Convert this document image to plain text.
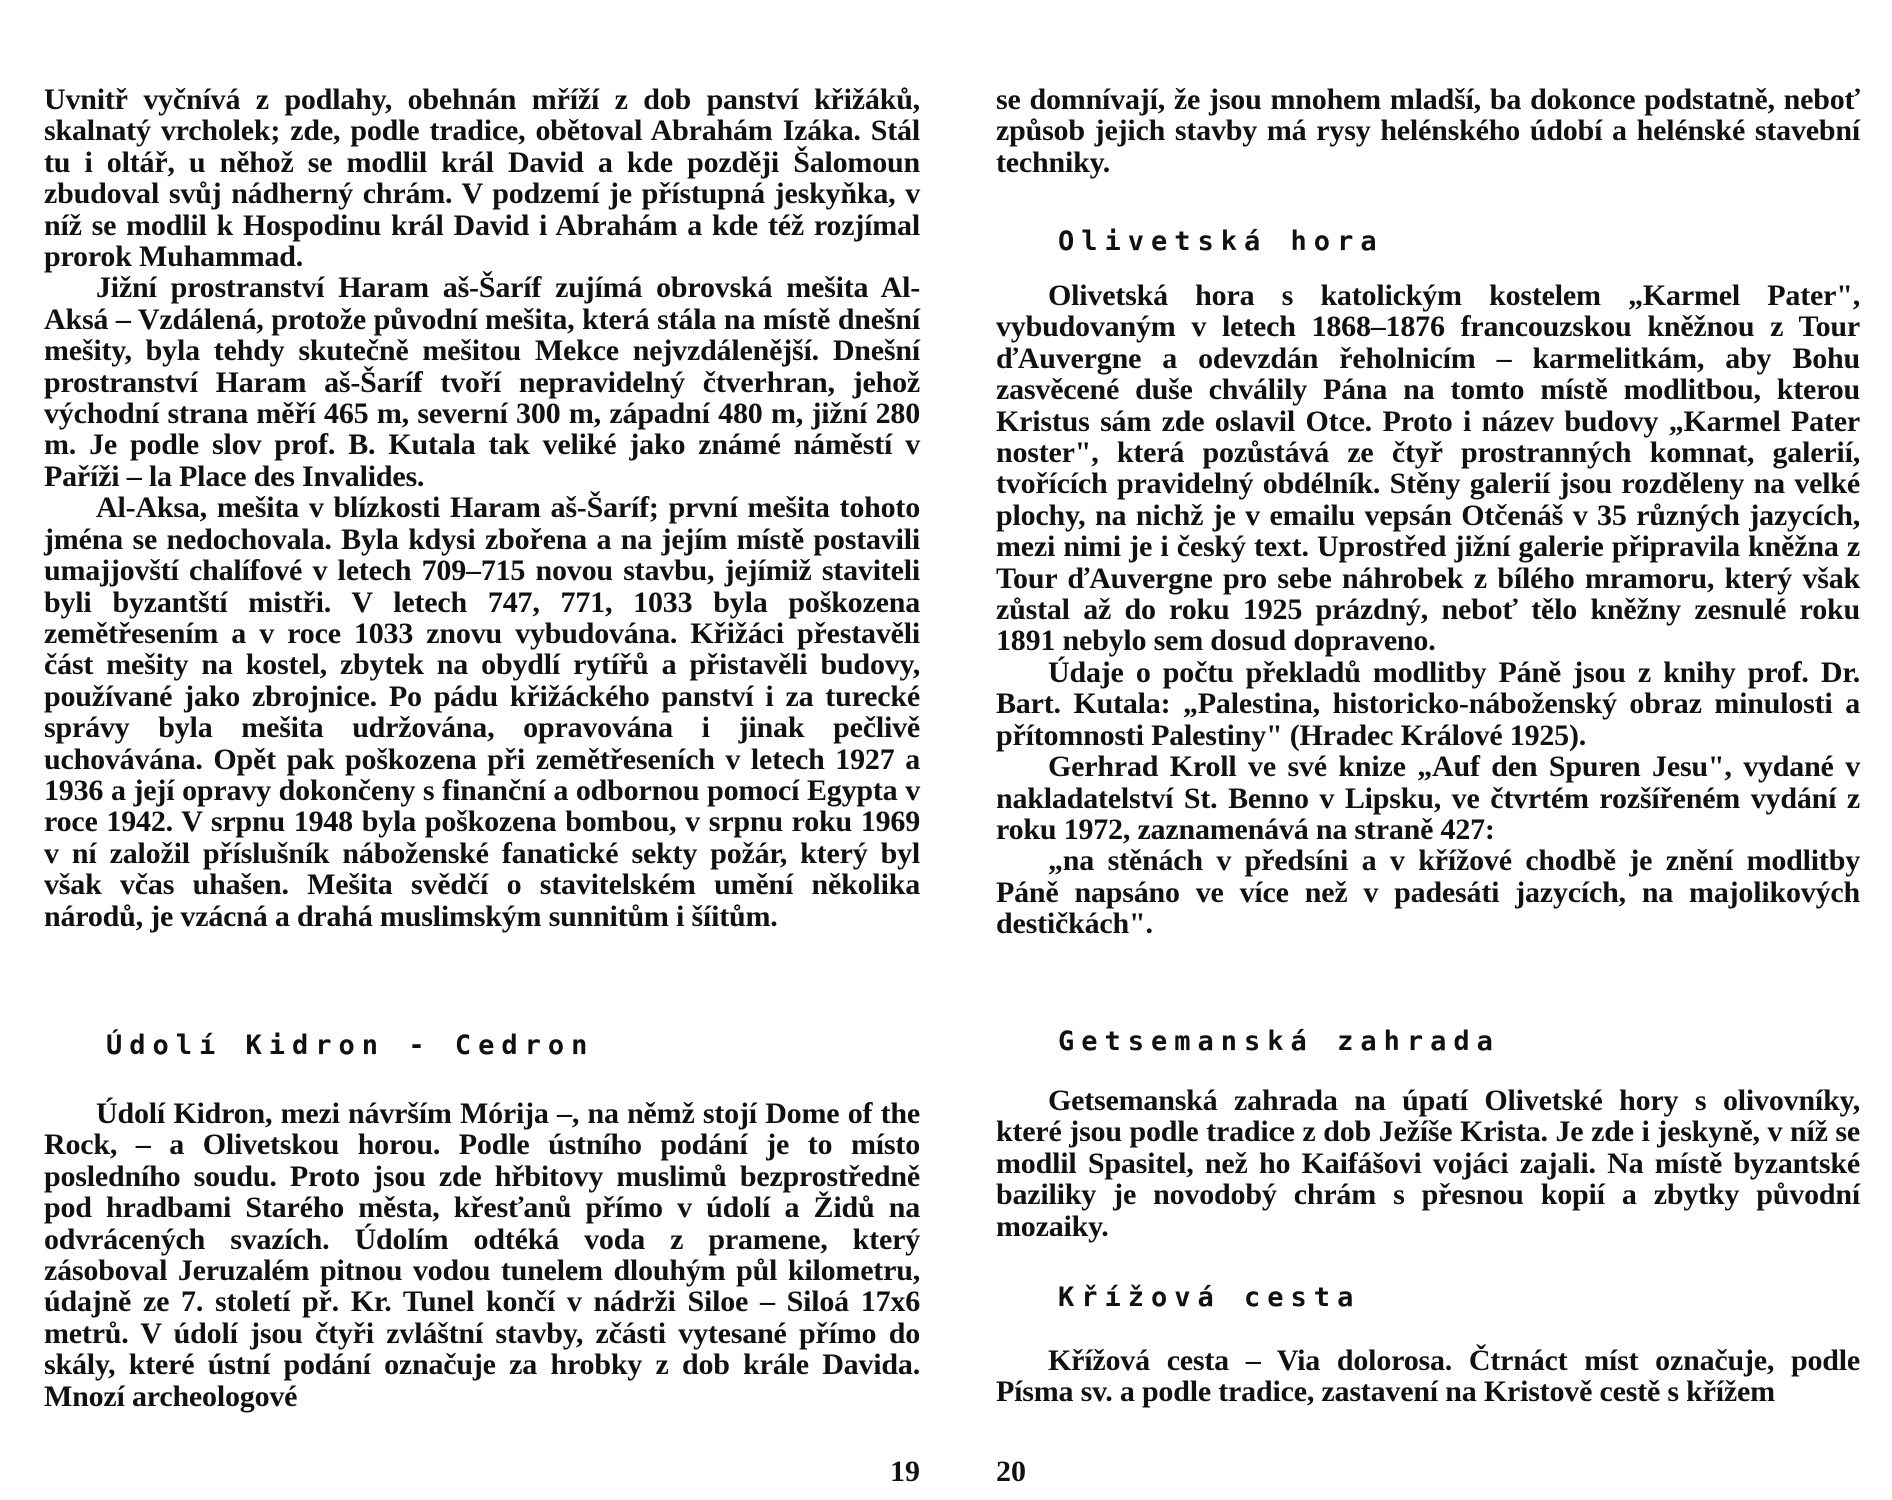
Uvnitř vyčnívá z podlahy, obehnán mříží z dob panství křižáků, skalnatý vrcholek; zde, podle tradice, obětoval Abrahám Izáka. Stál tu i oltář, u něhož se modlil král David a kde později Šalomoun zbudoval svůj nádherný chrám. V podzemí je přístupná jeskyňka, v níž se modlil k Hospodinu král David i Abrahám a kde též rozjímal prorok Muhammad.

Jižní prostranství Haram aš-Šaríf zujímá obrovská mešita Al-Aksá – Vzdálená, protože původní mešita, která stála na místě dnešní mešity, byla tehdy skutečně mešitou Mekce nejvzdálenější. Dnešní prostranství Haram aš-Šaríf tvoří nepravidelný čtverhran, jehož východní strana měří 465 m, severní 300 m, západní 480 m, jižní 280 m. Je podle slov prof. B. Kutala tak veliké jako známé náměstí v Paříži – la Place des Invalides.

Al-Aksa, mešita v blízkosti Haram aš-Šaríf; první mešita tohoto jména se nedochovala. Byla kdysi zbořena a na jejím místě postavili umajjovští chalífové v letech 709–715 novou stavbu, jejímiž staviteli byli byzantští mistři. V letech 747, 771, 1033 byla poškozena zemětřesením a v roce 1033 znovu vybudována. Křižáci přestavěli část mešity na kostel, zbytek na obydlí rytířů a přistavěli budovy, používané jako zbrojnice. Po pádu křižáckého panství i za turecké správy byla mešita udržována, opravována i jinak pečlivě uchovávána. Opět pak poškozena při zemětřeseních v letech 1927 a 1936 a její opravy dokončeny s finanční a odbornou pomocí Egypta v roce 1942. V srpnu 1948 byla poškozena bombou, v srpnu roku 1969 v ní založil příslušník náboženské fanatické sekty požár, který byl však včas uhašen. Mešita svědčí o stavitelském umění několika národů, je vzácná a drahá muslimským sunnitům i šíitům.

Údolí Kidron - Cedron

Údolí Kidron, mezi návrším Mórija –, na němž stojí Dome of the Rock, – a Olivetskou horou. Podle ústního podání je to místo posledního soudu. Proto jsou zde hřbitovy muslimů bezprostředně pod hradbami Starého města, křesťanů přímo v údolí a Židů na odvrácených svazích. Údolím odtéká voda z pramene, který zásoboval Jeruzalém pitnou vodou tunelem dlouhým půl kilometru, údajně ze 7. století př. Kr. Tunel končí v nádrži Siloe – Siloá 17x6 metrů. V údolí jsou čtyři zvláštní stavby, zčásti vytesané přímo do skály, které ústní podání označuje za hrobky z dob krále Davida. Mnozí archeologové

19

se domnívají, že jsou mnohem mladší, ba dokonce podstatně, neboť způsob jejich stavby má rysy helénského údobí a helénské stavební techniky.

Olivetská hora

Olivetská hora s katolickým kostelem „Karmel Pater", vybudovaným v letech 1868–1876 francouzskou kněžnou z Tour ďAuvergne a odevzdán řeholnicím – karmelitkám, aby Bohu zasvěcené duše chválily Pána na tomto místě modlitbou, kterou Kristus sám zde oslavil Otce. Proto i název budovy „Karmel Pater noster", která pozůstává ze čtyř prostranných komnat, galerií, tvořících pravidelný obdélník. Stěny galerií jsou rozděleny na velké plochy, na nichž je v emailu vepsán Otčenáš v 35 různých jazycích, mezi nimi je i český text. Uprostřed jižní galerie připravila kněžna z Tour ďAuvergne pro sebe náhrobek z bílého mramoru, který však zůstal až do roku 1925 prázdný, neboť tělo kněžny zesnulé roku 1891 nebylo sem dosud dopraveno.

Údaje o počtu překladů modlitby Páně jsou z knihy prof. Dr. Bart. Kutala: „Palestina, historicko-náboženský obraz minulosti a přítomnosti Palestiny" (Hradec Králové 1925).

Gerhrad Kroll ve své knize „Auf den Spuren Jesu", vydané v nakladatelství St. Benno v Lipsku, ve čtvrtém rozšířeném vydání z roku 1972, zaznamenává na straně 427:

„na stěnách v předsíni a v křížové chodbě je znění modlitby Páně napsáno ve více než v padesáti jazycích, na majolikových destičkách".

Getsemanská zahrada

Getsemanská zahrada na úpatí Olivetské hory s olivovníky, které jsou podle tradice z dob Ježíše Krista. Je zde i jeskyně, v níž se modlil Spasitel, než ho Kaifášovi vojáci zajali. Na místě byzantské baziliky je novodobý chrám s přesnou kopií a zbytky původní mozaiky.

Křížová cesta

Křížová cesta – Via dolorosa. Čtrnáct míst označuje, podle Písma sv. a podle tradice, zastavení na Kristově cestě s křížem

20
